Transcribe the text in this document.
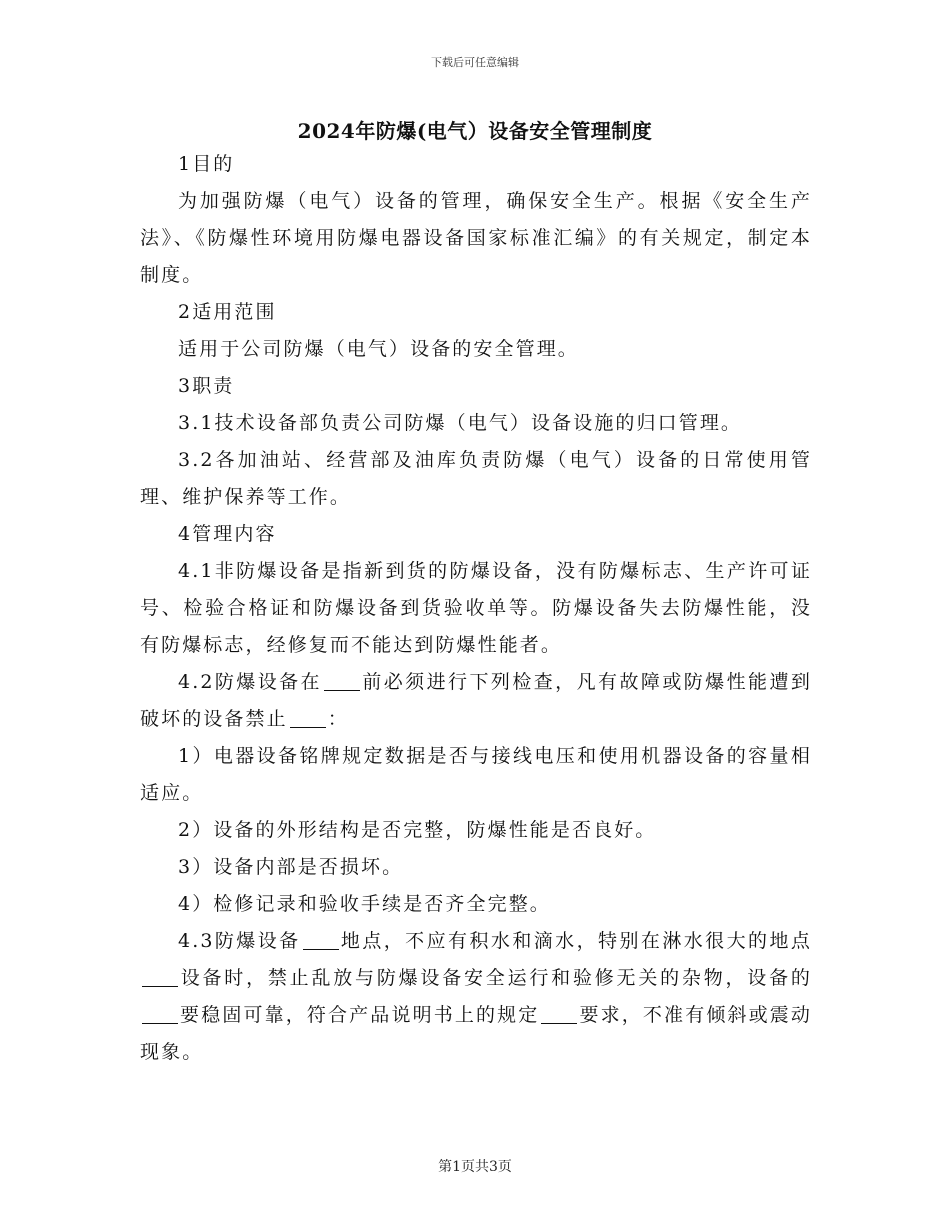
下载后可任意编辑
2024年防爆(电气）设备安全管理制度

1目的

为加强防爆（电气）设备的管理，确保安全生产。根据《安全生产法》、《防爆性环境用防爆电器设备国家标准汇编》的有关规定，制定本制度。

2适用范围

适用于公司防爆（电气）设备的安全管理。

3职责

3.1技术设备部负责公司防爆（电气）设备设施的归口管理。

3.2各加油站、经营部及油库负责防爆（电气）设备的日常使用管理、维护保养等工作。

4管理内容

4.1非防爆设备是指新到货的防爆设备，没有防爆标志、生产许可证号、检验合格证和防爆设备到货验收单等。防爆设备失去防爆性能，没有防爆标志，经修复而不能达到防爆性能者。

4.2防爆设备在 前必须进行下列检查，凡有故障或防爆性能遭到破坏的设备禁止 ：

1）电器设备铭牌规定数据是否与接线电压和使用机器设备的容量相适应。

2）设备的外形结构是否完整，防爆性能是否良好。

3）设备内部是否损坏。

4）检修记录和验收手续是否齐全完整。

4.3防爆设备 地点，不应有积水和滴水，特别在淋水很大的地点设备时，禁止乱放与防爆设备安全运行和验修无关的杂物，设备的要稳固可靠，符合产品说明书上的规定 要求，不准有倾斜或震动现象。

第1页共3页
